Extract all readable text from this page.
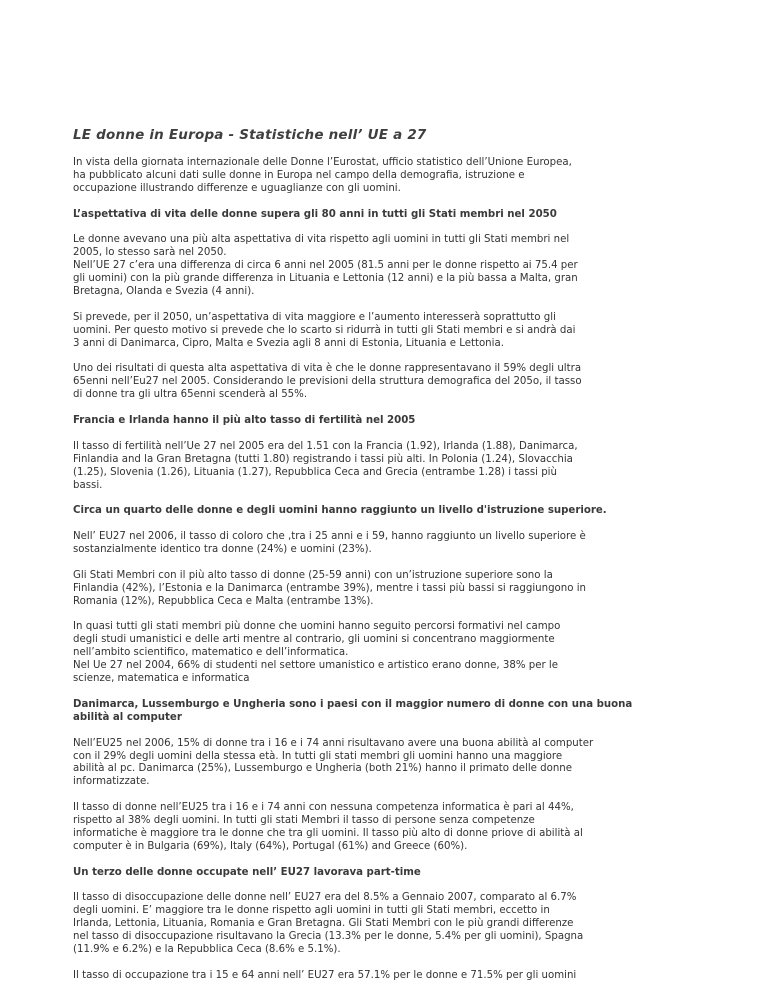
LE donne in Europa - Statistiche nell’ UE a 27

In vista della giornata internazionale delle Donne l’Eurostat, ufficio statistico dell’Unione Europea,
ha pubblicato alcuni dati sulle donne in Europa nel campo della demografia, istruzione e
occupazione illustrando differenze e uguaglianze con gli uomini.

L’aspettativa di vita delle donne supera gli 80 anni in tutti gli Stati membri nel 2050

Le donne avevano una più alta aspettativa di vita rispetto agli uomini in tutti gli Stati membri nel
2005, lo stesso sarà nel 2050.
Nell’UE 27 c’era una differenza di circa 6 anni nel 2005 (81.5 anni per le donne rispetto ai 75.4 per
gli uomini) con la più grande differenza in Lituania e Lettonia (12 anni) e la più bassa a Malta, gran
Bretagna, Olanda e Svezia (4 anni).

Si prevede, per il 2050, un’aspettativa di vita maggiore e l’aumento interesserà soprattutto gli
uomini. Per questo motivo si prevede che lo scarto si ridurrà in tutti gli Stati membri e si andrà dai
3 anni di Danimarca, Cipro, Malta e Svezia agli 8 anni di Estonia, Lituania e Lettonia.

Uno dei risultati di questa alta aspettativa di vita è che le donne rappresentavano il 59% degli ultra
65enni nell’Eu27 nel 2005. Considerando le previsioni della struttura demografica del 205o, il tasso
di donne tra gli ultra 65enni scenderà al 55%.

Francia e Irlanda hanno il più alto tasso di fertilità nel 2005

Il tasso di fertilità nell’Ue 27 nel 2005 era del 1.51 con la Francia (1.92), Irlanda (1.88), Danimarca,
Finlandia and la Gran Bretagna (tutti 1.80) registrando i tassi più alti. In Polonia (1.24), Slovacchia
(1.25), Slovenia (1.26), Lituania (1.27), Repubblica Ceca and Grecia (entrambe 1.28) i tassi più
bassi.

Circa un quarto delle donne e degli uomini hanno raggiunto un livello d'istruzione superiore.

Nell’ EU27 nel 2006, il tasso di coloro che ,tra i 25 anni e i 59, hanno raggiunto un livello superiore è
sostanzialmente identico tra donne (24%) e uomini (23%).

Gli Stati Membri con il più alto tasso di donne (25-59 anni) con un’istruzione superiore sono la
Finlandia (42%), l’Estonia e la Danimarca (entrambe 39%), mentre i tassi più bassi si raggiungono in
Romania (12%), Repubblica Ceca e Malta (entrambe 13%).

In quasi tutti gli stati membri più donne che uomini hanno seguito percorsi formativi nel campo
degli studi umanistici e delle arti mentre al contrario, gli uomini si concentrano maggiormente
nell’ambito scientifico, matematico e dell’informatica.
Nel Ue 27 nel 2004, 66% di studenti nel settore umanistico e artistico erano donne, 38% per le
scienze, matematica e informatica

Danimarca, Lussemburgo e Ungheria sono i paesi con il maggior numero di donne con una buona
abilità al computer

Nell’EU25 nel 2006, 15% di donne tra i 16 e i 74 anni risultavano avere una buona abilità al computer
con il 29% degli uomini della stessa età. In tutti gli stati membri gli uomini hanno una maggiore
abilità al pc. Danimarca (25%), Lussemburgo e Ungheria (both 21%) hanno il primato delle donne
informatizzate.

Il tasso di donne nell’EU25 tra i 16 e i 74 anni con nessuna competenza informatica è pari al 44%,
rispetto al 38% degli uomini. In tutti gli stati Membri il tasso di persone senza competenze
informatiche è maggiore tra le donne che tra gli uomini. Il tasso più alto di donne priove di abilità al
computer è in Bulgaria (69%), Italy (64%), Portugal (61%) and Greece (60%).

Un terzo delle donne occupate nell’ EU27 lavorava part-time

Il tasso di disoccupazione delle donne nell’ EU27 era del 8.5% a Gennaio 2007, comparato al 6.7%
degli uomini. E’ maggiore tra le donne rispetto agli uomini in tutti gli Stati membri, eccetto in
Irlanda, Lettonia, Lituania, Romania e Gran Bretagna. Gli Stati Membri con le più grandi differenze
nel tasso di disoccupazione risultavano la Grecia (13.3% per le donne, 5.4% per gli uomini), Spagna
(11.9% e 6.2%) e la Repubblica Ceca (8.6% e 5.1%).

Il tasso di occupazione tra i 15 e 64 anni nell’ EU27 era 57.1% per le donne e 71.5% per gli uomini
